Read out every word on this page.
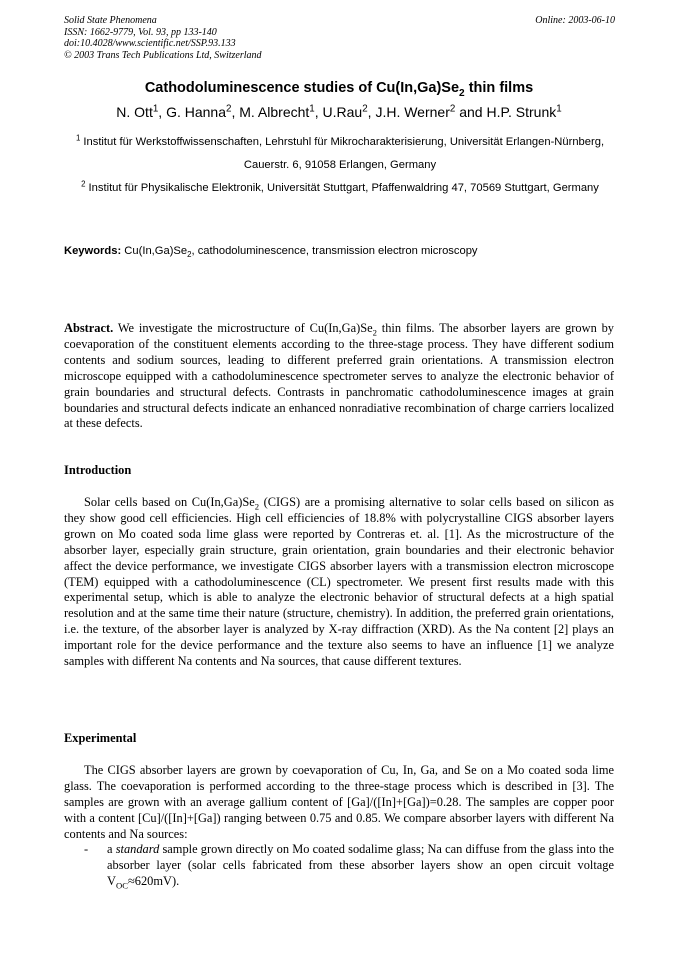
Solid State Phenomena
ISSN: 1662-9779, Vol. 93, pp 133-140
doi:10.4028/www.scientific.net/SSP.93.133
© 2003 Trans Tech Publications Ltd, Switzerland
Online: 2003-06-10
Cathodoluminescence studies of $Cu(In,Ga)Se_2$ thin films
N. Ott$^1$, G. Hanna$^2$, M. Albrecht$^1$, U.Rau$^2$, J.H. Werner$^2$ and H.P. Strunk$^1$
$^1$ Institut für Werkstoffwissenschaften, Lehrstuhl für Mikrocharakterisierung, Universität Erlangen-Nürnberg, Cauerstr. 6, 91058 Erlangen, Germany
$^2$ Institut für Physikalische Elektronik, Universität Stuttgart, Pfaffenwaldring 47, 70569 Stuttgart, Germany
Keywords: $Cu(In,Ga)Se_2$, cathodoluminescence, transmission electron microscopy
Abstract. We investigate the microstructure of $Cu(In,Ga)Se_2$ thin films. The absorber layers are grown by coevaporation of the constituent elements according to the three-stage process. They have different sodium contents and sodium sources, leading to different preferred grain orientations. A transmission electron microscope equipped with a cathodoluminescence spectrometer serves to analyze the electronic behavior of grain boundaries and structural defects. Contrasts in panchromatic cathodoluminescence images at grain boundaries and structural defects indicate an enhanced nonradiative recombination of charge carriers localized at these defects.
Introduction
Solar cells based on $Cu(In,Ga)Se_2$ (CIGS) are a promising alternative to solar cells based on silicon as they show good cell efficiencies. High cell efficiencies of 18.8% with polycrystalline CIGS absorber layers grown on Mo coated soda lime glass were reported by Contreras et. al. [1]. As the microstructure of the absorber layer, especially grain structure, grain orientation, grain boundaries and their electronic behavior affect the device performance, we investigate CIGS absorber layers with a transmission electron microscope (TEM) equipped with a cathodoluminescence (CL) spectrometer. We present first results made with this experimental setup, which is able to analyze the electronic behavior of structural defects at a high spatial resolution and at the same time their nature (structure, chemistry). In addition, the preferred grain orientations, i.e. the texture, of the absorber layer is analyzed by X-ray diffraction (XRD). As the Na content [2] plays an important role for the device performance and the texture also seems to have an influence [1] we analyze samples with different Na contents and Na sources, that cause different textures.
Experimental
The CIGS absorber layers are grown by coevaporation of Cu, In, Ga, and Se on a Mo coated soda lime glass. The coevaporation is performed according to the three-stage process which is described in [3]. The samples are grown with an average gallium content of [Ga]/([In]+[Ga])=0.28. The samples are copper poor with a content [Cu]/([In]+[Ga]) ranging between 0.75 and 0.85. We compare absorber layers with different Na contents and Na sources:
- a standard sample grown directly on Mo coated sodalime glass; Na can diffuse from the glass into the absorber layer (solar cells fabricated from these absorber layers show an open circuit voltage $V_{OC}\approx 620mV$).
